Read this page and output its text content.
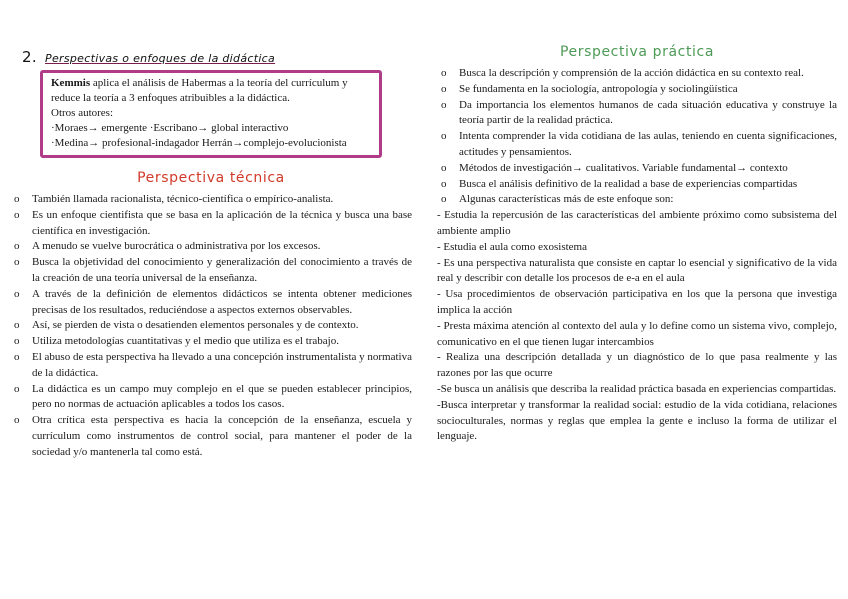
2. Perspectivas o enfoques de la didáctica

Kemmis aplica el análisis de Habermas a la teoría del currículum y reduce la teoría a 3 enfoques atribuibles a la didáctica.

Otros autores:

·Moraes→ emergente ·Escribano→ global interactivo

·Medina→ profesional-indagador Herrán→complejo-evolucionista

Perspectiva técnica
o También llamada racionalista, técnico-científica o empírico-analista.
o Es un enfoque cientifista que se basa en la aplicación de la técnica y busca una base científica en investigación.
o A menudo se vuelve burocrática o administrativa por los excesos.
o Busca la objetividad del conocimiento y generalización del conocimiento a través de la creación de una teoría universal de la enseñanza.
o A través de la definición de elementos didácticos se intenta obtener mediciones precisas de los resultados, reduciéndose a aspectos externos observables.
o Así, se pierden de vista o desatienden elementos personales y de contexto.
o Utiliza metodologías cuantitativas y el medio que utiliza es el trabajo.
o El abuso de esta perspectiva ha llevado a una concepción instrumentalista y normativa de la didáctica.
o La didáctica es un campo muy complejo en el que se pueden establecer principios, pero no normas de actuación aplicables a todos los casos.
o Otra crítica esta perspectiva es hacia la concepción de la enseñanza, escuela y currículum como instrumentos de control social, para mantener el poder de la sociedad y/o mantenerla tal como está.
Perspectiva práctica
o Busca la descripción y comprensión de la acción didáctica en su contexto real.
o Se fundamenta en la sociología, antropología y sociolingüística
o Da importancia los elementos humanos de cada situación educativa y construye la teoría partir de la realidad práctica.
o Intenta comprender la vida cotidiana de las aulas, teniendo en cuenta significaciones, actitudes y pensamientos.
o Métodos de investigación→ cualitativos. Variable fundamental→ contexto
o Busca el análisis definitivo de la realidad a base de experiencias compartidas
o Algunas características más de este enfoque son:

- Estudia la repercusión de las características del ambiente próximo como subsistema del ambiente amplio

- Estudia el aula como exosistema

- Es una perspectiva naturalista que consiste en captar lo esencial y significativo de la vida real y describir con detalle los procesos de e-a en el aula

- Usa procedimientos de observación participativa en los que la persona que investiga implica la acción

- Presta máxima atención al contexto del aula y lo define como un sistema vivo, complejo, comunicativo en el que tienen lugar intercambios

- Realiza una descripción detallada y un diagnóstico de lo que pasa realmente y las razones por las que ocurre

-Se busca un análisis que describa la realidad práctica basada en experiencias compartidas.

-Busca interpretar y transformar la realidad social: estudio de la vida cotidiana, relaciones socioculturales, normas y reglas que emplea la gente e incluso la forma de utilizar el lenguaje.
